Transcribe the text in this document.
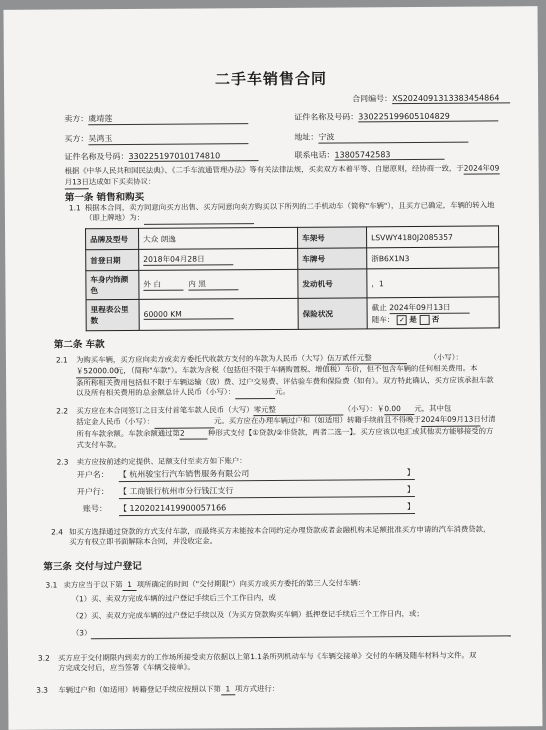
二手车销售合同
合同编号：XS2024091313383454864
卖方：虞靖莲	证件名称及号码：330225199605104829
买方：吴鸿玉	地址：宁波
证件名称及号码：330225197010174810	联系电话：13805742583
根据《中华人民共和国民法典》、《二手车流通管理办法》等有关法律法规，买卖双方本着平等、自愿原则，经协商一致，于2024年09
月13日达成如下买卖协议：
第一条 销售和购买
1.1 根据本合同，卖方同意向买方出售、买方同意向卖方购买以下所列的二手机动车（简称"车辆"），且买方已确定，车辆的转入地
（即上牌地）为：
品牌及型号	大众 朗逸	车架号	LSVWY4180J2085357
首登日期	2018年04月28日	车牌号	浙B6X1N3
车身内饰颜色	外 白 内 黑	发动机号	，1
里程表公里数	60000 KM	保险状况	截止 2024年09月13日
随车： ✓ 是 否
第二条 车款
2.1 为购买车辆，买方应向卖方或卖方委托代收款方支付的车款为人民币（大写）伍万贰仟元整	（小写）：
￥52000.00元，（简称"车款"）。车款为含税（包括但不限于车辆购置税、增值税）车价，但不包含车辆的任何相关费用。本
条所称相关费用包括但不限于车辆运输（放）费、过户交易费、评估验车费和保险费（如有）。双方特此确认，买方应该承担车款
以及所有相关费用的总金额总计人民币（小写）：	元。
2.2 买方应在本合同签订之日支付首笔车款人民币（大写）零元整	（小写）：￥0.00 元，其中包
括定金人民币（小写）：	元。买方应在办理车辆过户和（如适用）转籍手续前且不得晚于2024年09月13日付清
所有车款余额。车款余额通过第2	种形式支付【①贷款/②非贷款，两者二选一】。买方应该以电汇或其他卖方能够接受的方
式支付车款。
2.3 卖方应按前述约定提供、足额支付至卖方如下账户：
开户名： 【 杭州骏宝行汽车销售服务有限公司	】
开户行： 【 工商银行杭州市分行钱江支行	】
账号： 【 1202021419900057166	】
2.4 如买方选择通过贷款的方式支付车款，而最终买方未能按本合同约定办理贷款或者金融机构未足额批准买方申请的汽车消费贷款，
买方有权立即书面解除本合同，并没收定金。
第三条 交付与过户登记
3.1 卖方应当于以下第 1 项所确定的时间（"交付期限"）向买方或买方委托的第三人交付车辆：
（1）买、卖双方完成车辆的过户登记手续后三个工作日内，或
（2）买、卖双方完成车辆的过户登记手续以及（为买方贷款购买车辆）抵押登记手续后三个工作日内，或；
（3）
3.2 买方应于交付期限内到卖方的工作场所接受卖方依据以上第1.1条所列机动车与《车辆交接单》交付的车辆及随车材料与文件。双
方完成交付后，应当签署《车辆交接单》。
3.3 车辆过户和（如适用）转籍登记手续应按照以下第 1 项方式进行：
